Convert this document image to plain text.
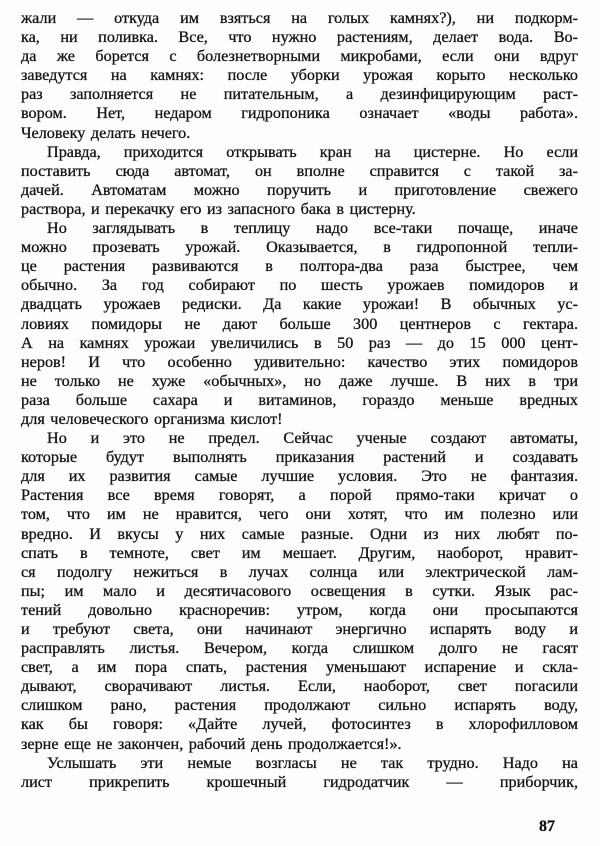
жали — откуда им взяться на голых камнях?), ни подкорм-
ка, ни поливка. Все, что нужно растениям, делает вода. Во-
да же борется с болезнетворными микробами, если они вдруг
заведутся на камнях: после уборки урожая корыто несколько
раз заполняется не питательным, а дезинфицирующим раст-
вором. Нет, недаром гидропоника означает «воды работа».
Человеку делать нечего.
Правда, приходится открывать кран на цистерне. Но если
поставить сюда автомат, он вполне справится с такой за-
дачей. Автоматам можно поручить и приготовление свежего
раствора, и перекачку его из запасного бака в цистерну.
Но заглядывать в теплицу надо все-таки почаще, иначе
можно прозевать урожай. Оказывается, в гидропонной тепли-
це растения развиваются в полтора-два раза быстрее, чем
обычно. За год собирают по шесть урожаев помидоров и
двадцать урожаев редиски. Да какие урожаи! В обычных ус-
ловиях помидоры не дают больше 300 центнеров с гектара.
А на камнях урожаи увеличились в 50 раз — до 15 000 цент-
неров! И что особенно удивительно: качество этих помидоров
не только не хуже «обычных», но даже лучше. В них в три
раза больше сахара и витаминов, гораздо меньше вредных
для человеческого организма кислот!
Но и это не предел. Сейчас ученые создают автоматы,
которые будут выполнять приказания растений и создавать
для их развития самые лучшие условия. Это не фантазия.
Растения все время говорят, а порой прямо-таки кричат о
том, что им не нравится, чего они хотят, что им полезно или
вредно. И вкусы у них самые разные. Одни из них любят по-
спать в темноте, свет им мешает. Другим, наоборот, нравит-
ся подолгу нежиться в лучах солнца или электрической лам-
пы; им мало и десятичасового освещения в сутки. Язык рас-
тений довольно красноречив: утром, когда они просыпаются
и требуют света, они начинают энергично испарять воду и
расправлять листья. Вечером, когда слишком долго не гасят
свет, а им пора спать, растения уменьшают испарение и скла-
дывают, сворачивают листья. Если, наоборот, свет погасили
слишком рано, растения продолжают сильно испарять воду,
как бы говоря: «Дайте лучей, фотосинтез в хлорофилловом
зерне еще не закончен, рабочий день продолжается!».
Услышать эти немые возгласы не так трудно. Надо на
лист прикрепить крошечный гидродатчик — приборчик,
87
